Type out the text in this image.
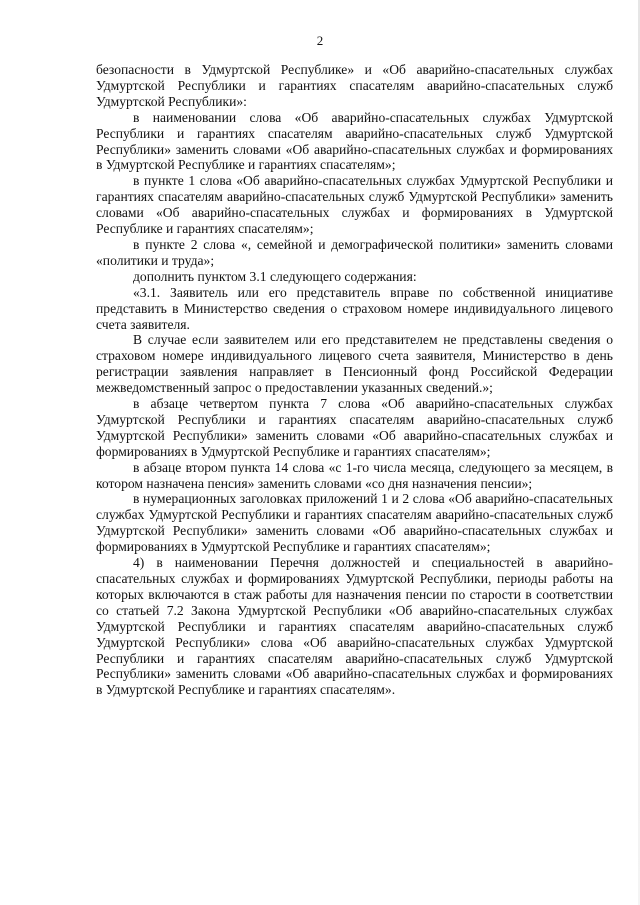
2

безопасности в Удмуртской Республике» и «Об аварийно-спасательных службах Удмуртской Республики и гарантиях спасателям аварийно-спасательных служб Удмуртской Республики»:

в наименовании слова «Об аварийно-спасательных службах Удмуртской Республики и гарантиях спасателям аварийно-спасательных служб Удмуртской Республики» заменить словами «Об аварийно-спасательных службах и формированиях в Удмуртской Республике и гарантиях спасателям»;

в пункте 1 слова «Об аварийно-спасательных службах Удмуртской Республики и гарантиях спасателям аварийно-спасательных служб Удмуртской Республики» заменить словами «Об аварийно-спасательных службах и формированиях в Удмуртской Республике и гарантиях спасателям»;

в пункте 2 слова «, семейной и демографической политики» заменить словами «политики и труда»;

дополнить пунктом 3.1 следующего содержания:

«3.1. Заявитель или его представитель вправе по собственной инициативе представить в Министерство сведения о страховом номере индивидуального лицевого счета заявителя.

В случае если заявителем или его представителем не представлены сведения о страховом номере индивидуального лицевого счета заявителя, Министерство в день регистрации заявления направляет в Пенсионный фонд Российской Федерации межведомственный запрос о предоставлении указанных сведений.»;

в абзаце четвертом пункта 7 слова «Об аварийно-спасательных службах Удмуртской Республики и гарантиях спасателям аварийно-спасательных служб Удмуртской Республики» заменить словами «Об аварийно-спасательных службах и формированиях в Удмуртской Республике и гарантиях спасателям»;

в абзаце втором пункта 14 слова «с 1-го числа месяца, следующего за месяцем, в котором назначена пенсия» заменить словами «со дня назначения пенсии»;

в нумерационных заголовках приложений 1 и 2 слова «Об аварийно-спасательных службах Удмуртской Республики и гарантиях спасателям аварийно-спасательных служб Удмуртской Республики» заменить словами «Об аварийно-спасательных службах и формированиях в Удмуртской Республике и гарантиях спасателям»;

4) в наименовании Перечня должностей и специальностей в аварийно-спасательных службах и формированиях Удмуртской Республики, периоды работы на которых включаются в стаж работы для назначения пенсии по старости в соответствии со статьей 7.2 Закона Удмуртской Республики «Об аварийно-спасательных службах Удмуртской Республики и гарантиях спасателям аварийно-спасательных служб Удмуртской Республики» слова «Об аварийно-спасательных службах Удмуртской Республики и гарантиях спасателям аварийно-спасательных служб Удмуртской Республики» заменить словами «Об аварийно-спасательных службах и формированиях в Удмуртской Республике и гарантиях спасателям».
